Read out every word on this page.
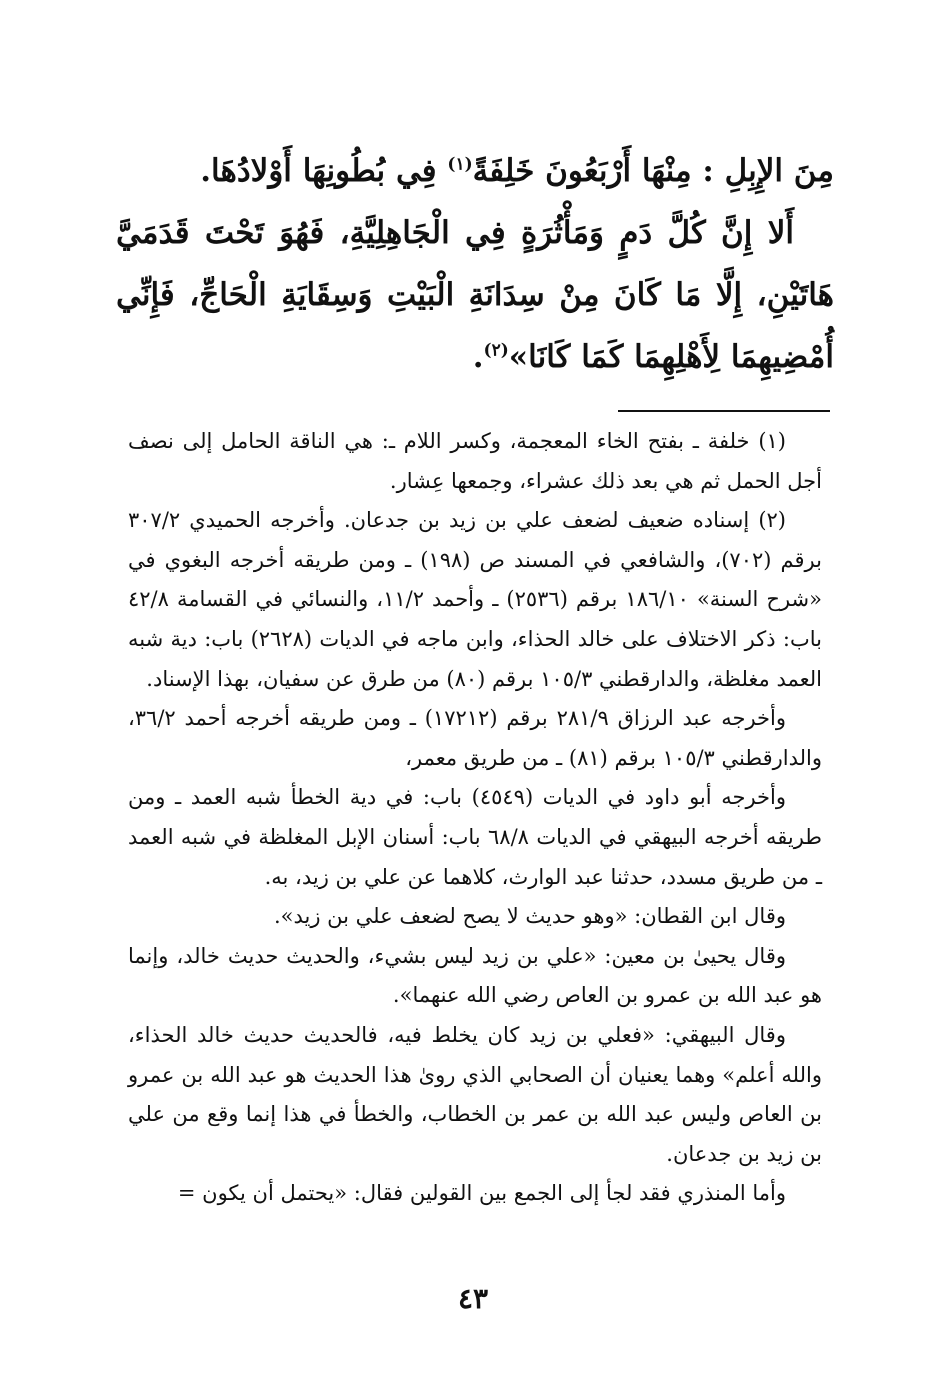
مِنَ الإِبِلِ : مِنْهَا أَرْبَعُونَ خَلِفَةً$^{(١)}$ فِي بُطُونِهَا أَوْلادُهَا.

أَلا إِنَّ كُلَّ دَمٍ وَمَأْثُرَةٍ فِي الْجَاهِلِيَّةِ، فَهُوَ تَحْتَ قَدَمَيَّ هَاتَيْنِ، إِلَّا مَا كَانَ مِنْ سِدَانَةِ الْبَيْتِ وَسِقَايَةِ الْحَاجِّ، فَإِنِّي أُمْضِيهِمَا لِأَهْلِهِمَا كَمَا كَانَا»$^{(٢)}$.

(١) خلفة ـ بفتح الخاء المعجمة، وكسر اللام ـ: هي الناقة الحامل إلى نصف أجل الحمل ثم هي بعد ذلك عشراء، وجمعها عِشار.

(٢) إسناده ضعيف لضعف علي بن زيد بن جدعان. وأخرجه الحميدي ٣٠٧/٢ برقم (٧٠٢)، والشافعي في المسند ص (١٩٨) ـ ومن طريقه أخرجه البغوي في «شرح السنة» ١٨٦/١٠ برقم (٢٥٣٦) ـ وأحمد ١١/٢، والنسائي في القسامة ٤٢/٨ باب: ذكر الاختلاف على خالد الحذاء، وابن ماجه في الديات (٢٦٢٨) باب: دية شبه العمد مغلظة، والدارقطني ١٠٥/٣ برقم (٨٠) من طرق عن سفيان، بهذا الإسناد.

وأخرجه عبد الرزاق ٢٨١/٩ برقم (١٧٢١٢) ـ ومن طريقه أخرجه أحمد ٣٦/٢، والدارقطني ١٠٥/٣ برقم (٨١) ـ من طريق معمر،

وأخرجه أبو داود في الديات (٤٥٤٩) باب: في دية الخطأ شبه العمد ـ ومن طريقه أخرجه البيهقي في الديات ٦٨/٨ باب: أسنان الإبل المغلظة في شبه العمد ـ من طريق مسدد، حدثنا عبد الوارث، كلاهما عن علي بن زيد، به.

وقال ابن القطان: «وهو حديث لا يصح لضعف علي بن زيد».

وقال يحيىٰ بن معين: «علي بن زيد ليس بشيء، والحديث حديث خالد، وإنما هو عبد الله بن عمرو بن العاص رضي الله عنهما».

وقال البيهقي: «فعلي بن زيد كان يخلط فيه، فالحديث حديث خالد الحذاء، والله أعلم» وهما يعنيان أن الصحابي الذي روىٰ هذا الحديث هو عبد الله بن عمرو بن العاص وليس عبد الله بن عمر بن الخطاب، والخطأ في هذا إنما وقع من علي بن زيد بن جدعان.

وأما المنذري فقد لجأ إلى الجمع بين القولين فقال: «يحتمل أن يكون =

٤٣
